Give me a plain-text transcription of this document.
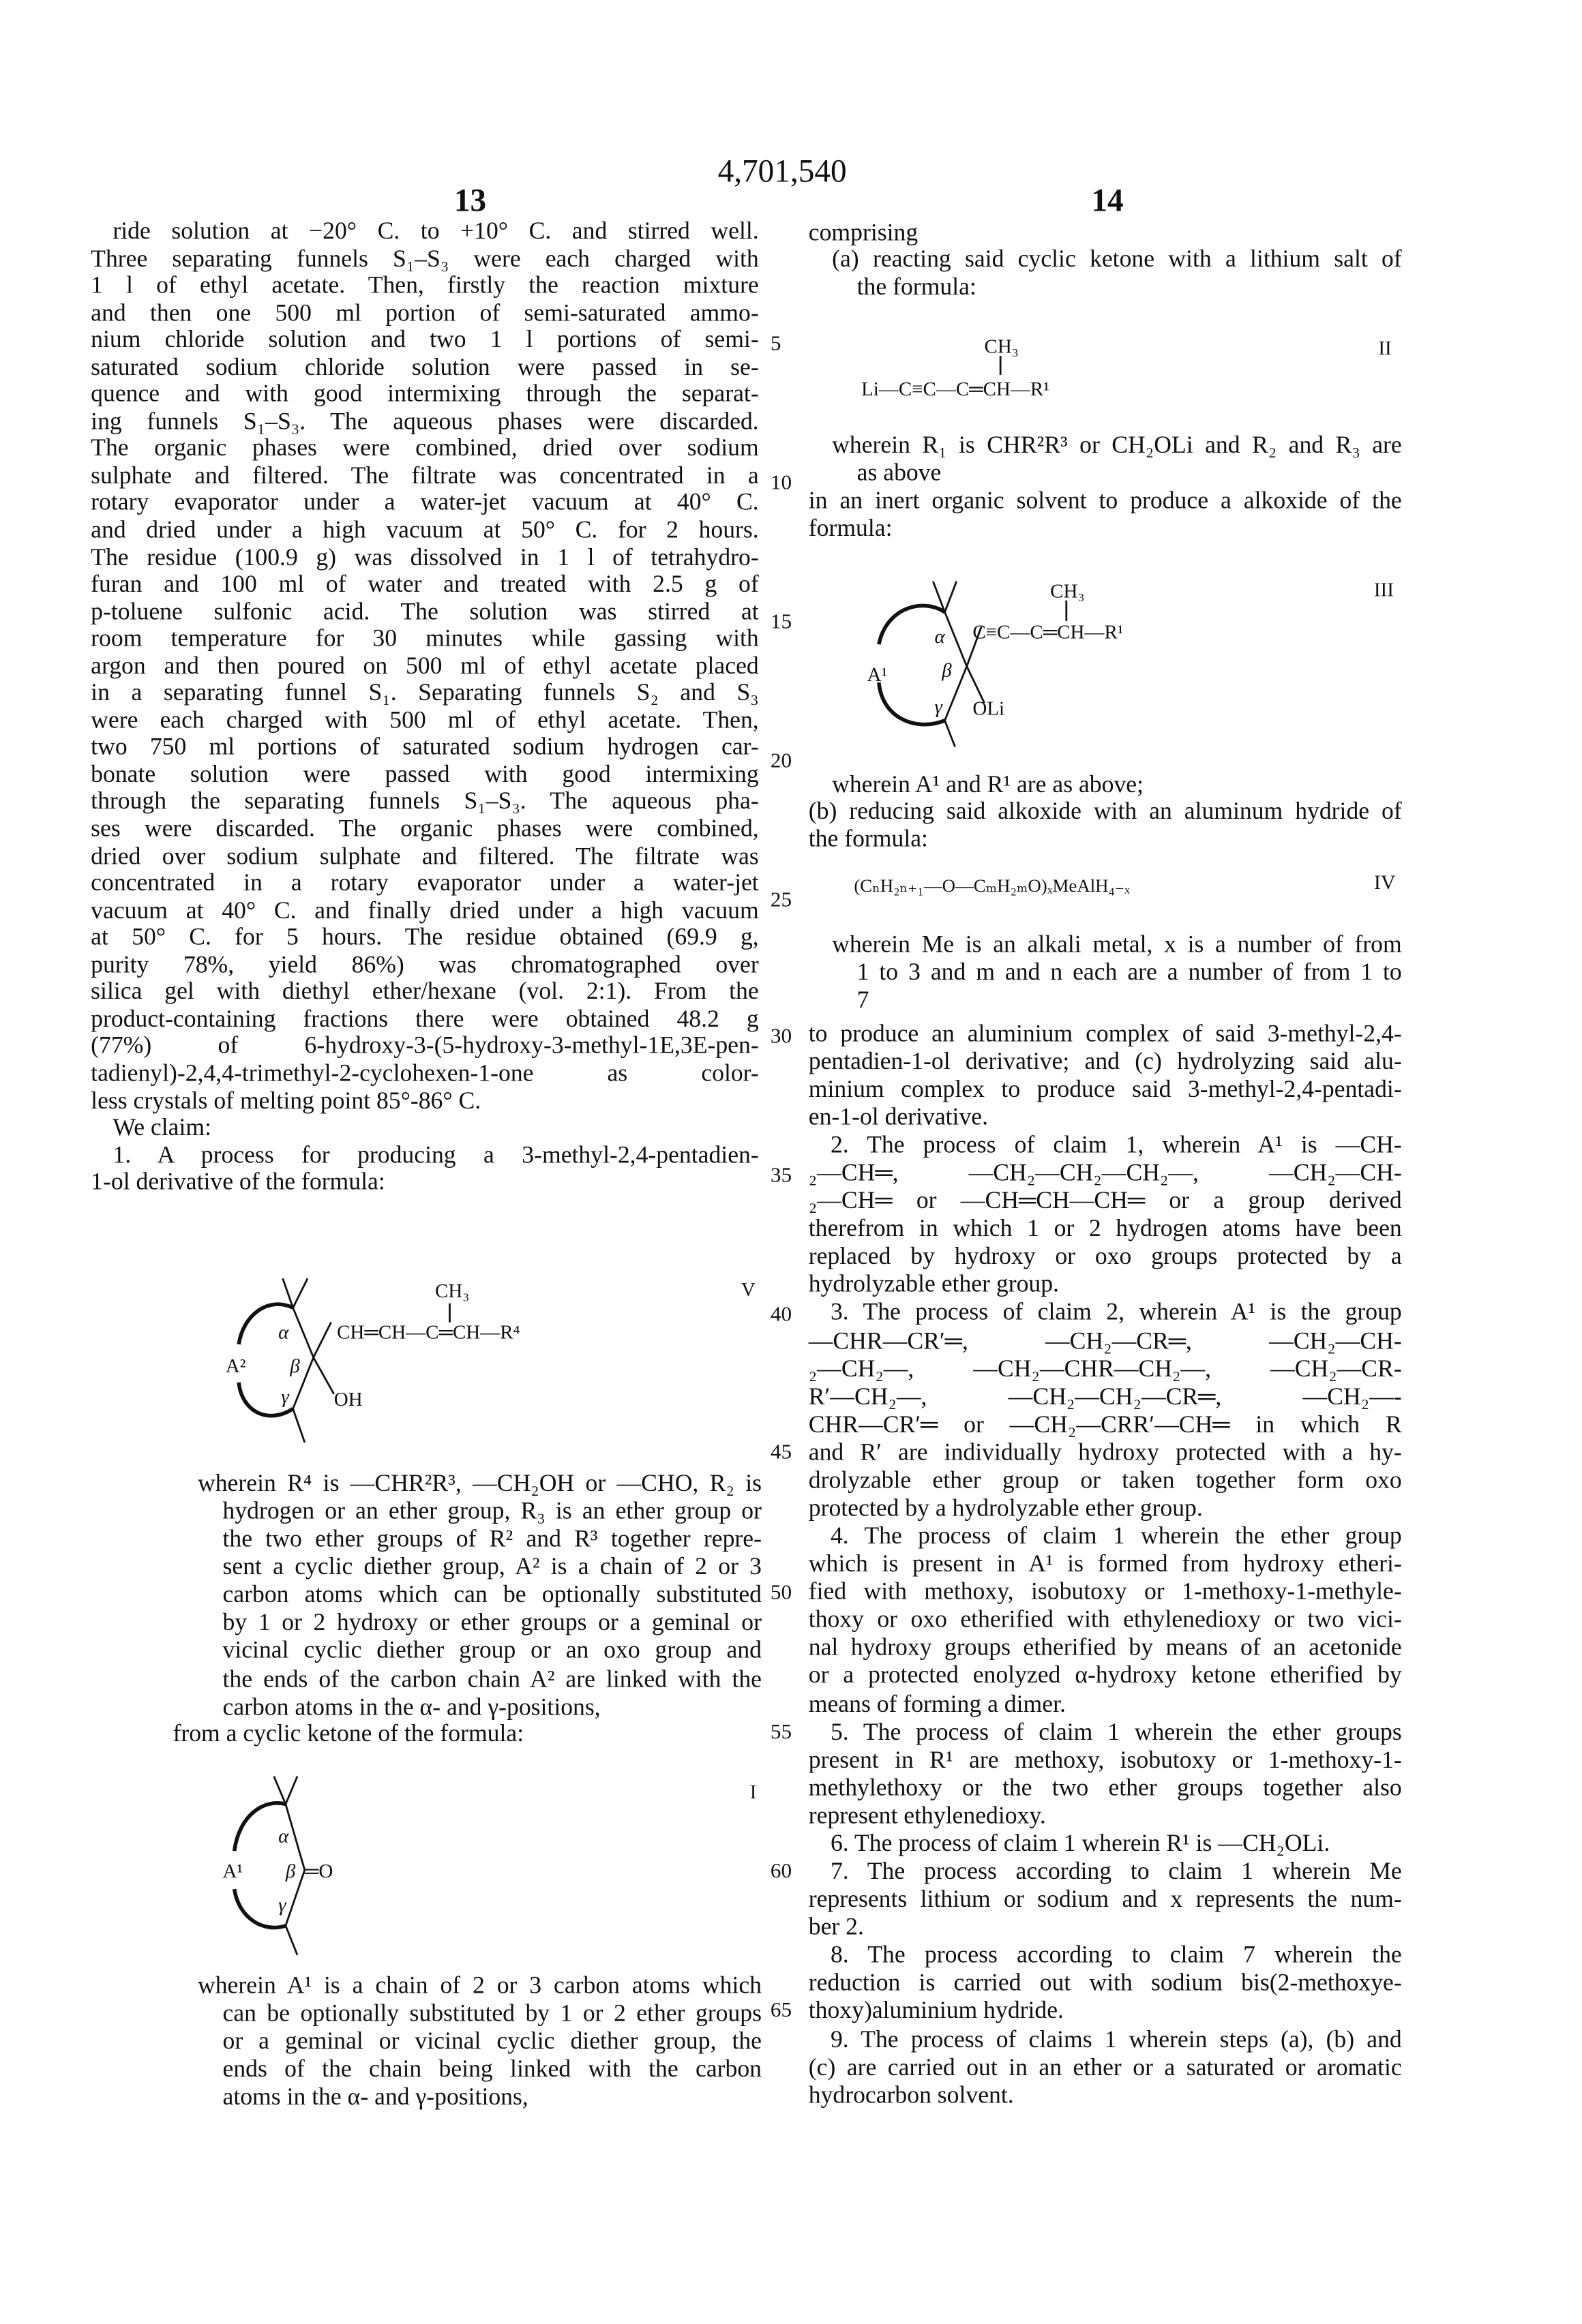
4,701,540
13	14
ride solution at −20° C. to +10° C. and stirred well.
Three separating funnels S₁–S₃ were each charged with
1 l of ethyl acetate. Then, firstly the reaction mixture
and then one 500 ml portion of semi-saturated ammo-
nium chloride solution and two 1 l portions of semi-
saturated sodium chloride solution were passed in se-
quence and with good intermixing through the separat-
ing funnels S₁–S₃. The aqueous phases were discarded.
The organic phases were combined, dried over sodium
sulphate and filtered. The filtrate was concentrated in a
rotary evaporator under a water-jet vacuum at 40° C.
and dried under a high vacuum at 50° C. for 2 hours.
The residue (100.9 g) was dissolved in 1 l of tetrahydro-
furan and 100 ml of water and treated with 2.5 g of
p-toluene sulfonic acid. The solution was stirred at
room temperature for 30 minutes while gassing with
argon and then poured on 500 ml of ethyl acetate placed
in a separating funnel S₁. Separating funnels S₂ and S₃
were each charged with 500 ml of ethyl acetate. Then,
two 750 ml portions of saturated sodium hydrogen car-
bonate solution were passed with good intermixing
through the separating funnels S₁–S₃. The aqueous pha-
ses were discarded. The organic phases were combined,
dried over sodium sulphate and filtered. The filtrate was
concentrated in a rotary evaporator under a water-jet
vacuum at 40° C. and finally dried under a high vacuum
at 50° C. for 5 hours. The residue obtained (69.9 g,
purity 78%, yield 86%) was chromatographed over
silica gel with diethyl ether/hexane (vol. 2:1). From the
product-containing fractions there were obtained 48.2 g
(77%) of 6-hydroxy-3-(5-hydroxy-3-methyl-1E,3E-pen-
tadienyl)-2,4,4-trimethyl-2-cyclohexen-1-one as color-
less crystals of melting point 85°-86° C.
We claim:
1. A process for producing a 3-methyl-2,4-pentadien-
1-ol derivative of the formula:
wherein R⁴ is —CHR²R³, —CH₂OH or —CHO, R₂ is
hydrogen or an ether group, R₃ is an ether group or
the two ether groups of R² and R³ together repre-
sent a cyclic diether group, A² is a chain of 2 or 3
carbon atoms which can be optionally substituted
by 1 or 2 hydroxy or ether groups or a geminal or
vicinal cyclic diether group or an oxo group and
the ends of the carbon chain A² are linked with the
carbon atoms in the α- and γ-positions,
from a cyclic ketone of the formula:
wherein A¹ is a chain of 2 or 3 carbon atoms which
can be optionally substituted by 1 or 2 ether groups
or a geminal or vicinal cyclic diether group, the
ends of the chain being linked with the carbon
atoms in the α- and γ-positions,
comprising
(a) reacting said cyclic ketone with a lithium salt of
the formula:
wherein R₁ is CHR²R³ or CH₂OLi and R₂ and R₃ are
as above
in an inert organic solvent to produce a alkoxide of the
formula:
wherein A¹ and R¹ are as above;
(b) reducing said alkoxide with an aluminum hydride of
the formula:
(CₙH₂ₙ₊₁—O—CₘH₂ₘO)ₓMeAlH₄₋ₓ	IV
wherein Me is an alkali metal, x is a number of from
1 to 3 and m and n each are a number of from 1 to
7
to produce an aluminium complex of said 3-methyl-2,4-
pentadien-1-ol derivative; and (c) hydrolyzing said alu-
minium complex to produce said 3-methyl-2,4-pentadi-
en-1-ol derivative.
2. The process of claim 1, wherein A¹ is —CH-
₂—CH═, —CH₂—CH₂—CH₂—, —CH₂—CH-
₂—CH═ or —CH═CH—CH═ or a group derived
therefrom in which 1 or 2 hydrogen atoms have been
replaced by hydroxy or oxo groups protected by a
hydrolyzable ether group.
3. The process of claim 2, wherein A¹ is the group
—CHR—CR′═, —CH₂—CR═, —CH₂—CH-
₂—CH₂—, —CH₂—CHR—CH₂—, —CH₂—CR-
R′—CH₂—, —CH₂—CH₂—CR═, —CH₂—-
CHR—CR′═ or —CH₂—CRR′—CH═ in which R
and R′ are individually hydroxy protected with a hy-
drolyzable ether group or taken together form oxo
protected by a hydrolyzable ether group.
4. The process of claim 1 wherein the ether group
which is present in A¹ is formed from hydroxy etheri-
fied with methoxy, isobutoxy or 1-methoxy-1-methyle-
thoxy or oxo etherified with ethylenedioxy or two vici-
nal hydroxy groups etherified by means of an acetonide
or a protected enolyzed α-hydroxy ketone etherified by
means of forming a dimer.
5. The process of claim 1 wherein the ether groups
present in R¹ are methoxy, isobutoxy or 1-methoxy-1-
methylethoxy or the two ether groups together also
represent ethylenedioxy.
6. The process of claim 1 wherein R¹ is —CH₂OLi.
7. The process according to claim 1 wherein Me
represents lithium or sodium and x represents the num-
ber 2.
8. The process according to claim 7 wherein the
reduction is carried out with sodium bis(2-methoxye-
thoxy)aluminium hydride.
9. The process of claims 1 wherein steps (a), (b) and
(c) are carried out in an ether or a saturated or aromatic
hydrocarbon solvent.
5
10
15
20
25
30
35
40
45
50
55
60
65
CH₃
Li—C≡C—C═CH—R¹
II
CH₃
C≡C—C═CH—R¹
III
A¹
α
β
γ	OLi
CH₃
CH═CH—C═CH—R⁴
V
A²
α
β
γ	OH
I
A¹
α
β
γ
═O
